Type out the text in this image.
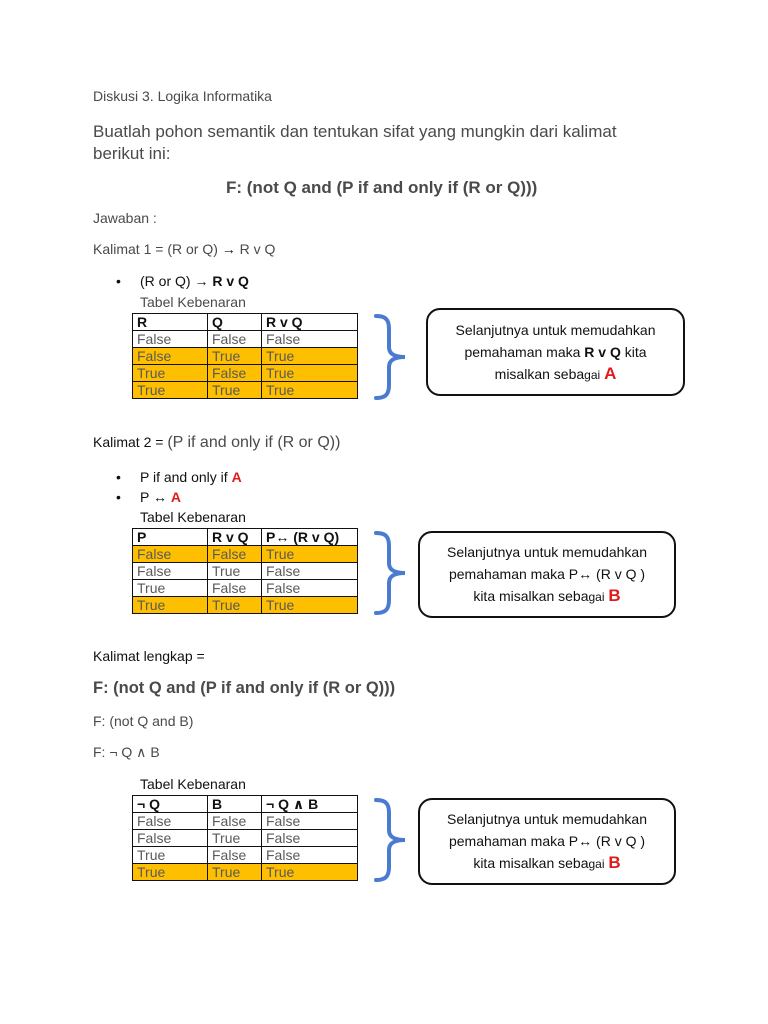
Diskusi 3. Logika Informatika
Buatlah pohon semantik dan tentukan sifat yang mungkin dari kalimat
berikut ini:
F: (not Q and (P if and only if (R or Q)))
Jawaban :
Kalimat 1 = (R or Q) → R ᴠ Q
• (R or Q) → R ᴠ Q
Tabel Kebenaran
R	Q	R ᴠ Q
False	False	False
False	True	True
True	False	True
True	True	True
Selanjutnya untuk memudahkan
pemahaman maka R ᴠ Q kita
misalkan sebagai A
Kalimat 2 = (P if and only if (R or Q))
• P if and only if A
• P ↔ A
Tabel Kebenaran
P	R ᴠ Q	P↔ (R ᴠ Q)
False	False	True
False	True	False
True	False	False
True	True	True
Selanjutnya untuk memudahkan
pemahaman maka P↔ (R ᴠ Q )
kita misalkan sebagai B
Kalimat lengkap =
F: (not Q and (P if and only if (R or Q)))
F: (not Q and B)
F: ¬ Q ∧ B
Tabel Kebenaran
¬ Q	B	¬ Q ∧ B
False	False	False
False	True	False
True	False	False
True	True	True
Selanjutnya untuk memudahkan
pemahaman maka P↔ (R ᴠ Q )
kita misalkan sebagai B
